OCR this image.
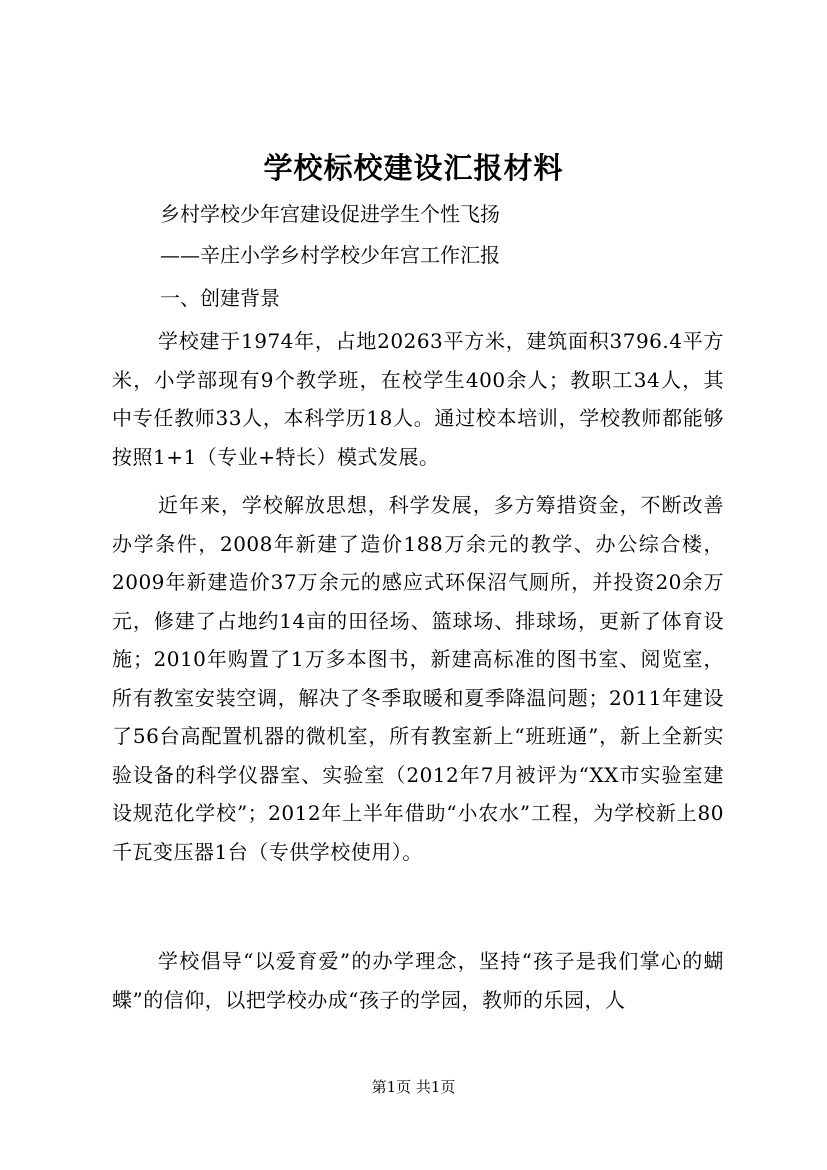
学校标校建设汇报材料

乡村学校少年宫建设促进学生个性飞扬

——辛庄小学乡村学校少年宫工作汇报

一、创建背景

学校建于1974年，占地20263平方米，建筑面积3796.4平方米，小学部现有9个教学班，在校学生400余人；教职工34人，其中专任教师33人，本科学历18人。通过校本培训，学校教师都能够按照1+1（专业+特长）模式发展。

近年来，学校解放思想，科学发展，多方筹措资金，不断改善办学条件，2008年新建了造价188万余元的教学、办公综合楼，2009年新建造价37万余元的感应式环保沼气厕所，并投资20余万元，修建了占地约14亩的田径场、篮球场、排球场，更新了体育设施；2010年购置了1万多本图书，新建高标准的图书室、阅览室，所有教室安装空调，解决了冬季取暖和夏季降温问题；2011年建设了56台高配置机器的微机室，所有教室新上“班班通”，新上全新实验设备的科学仪器室、实验室（2012年7月被评为“XX市实验室建设规范化学校”；2012年上半年借助“小农水”工程，为学校新上80千瓦变压器1台（专供学校使用）。

学校倡导“以爱育爱”的办学理念，坚持“孩子是我们掌心的蝴蝶”的信仰，以把学校办成“孩子的学园，教师的乐园，人

第1页 共1页
